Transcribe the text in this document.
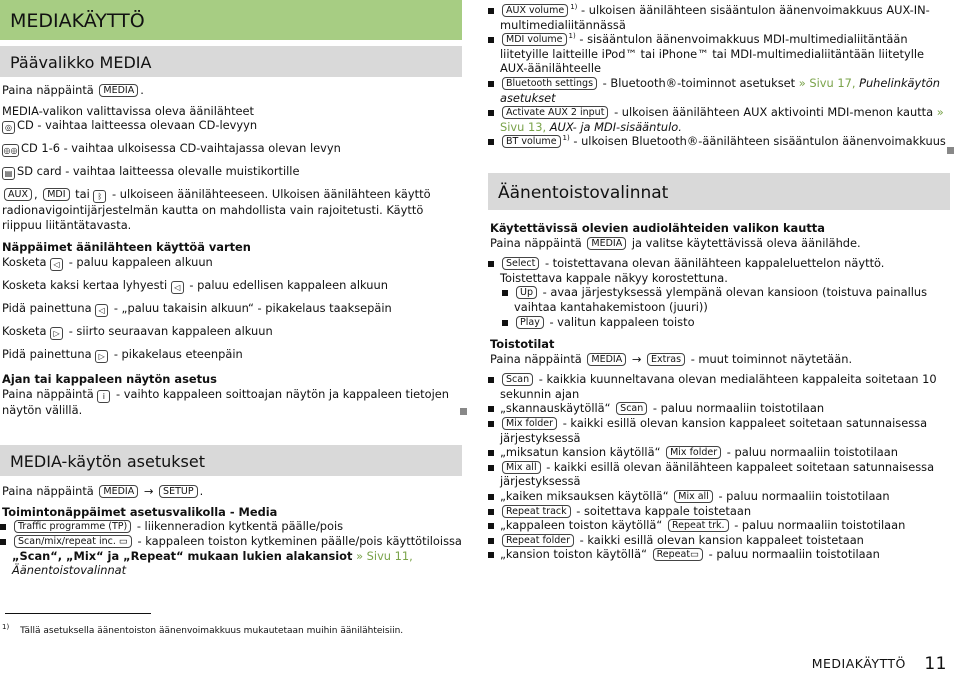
MEDIAKÄYTTÖ
Päävalikko MEDIA

Paina näppäintä MEDIA .

MEDIA-valikon valittavissa oleva äänilähteet

◎ CD - vaihtaa laitteessa olevaan CD-levyyn

◎◎ CD 1-6 - vaihtaa ulkoisessa CD-vaihtajassa olevan levyn

▤ SD card - vaihtaa laitteessa olevalle muistikortille

AUX , MDI tai ᛒ - ulkoiseen äänilähteeseen. Ulkoisen äänilähteen käyttö radionavigointijärjestelmän kautta on mahdollista vain rajoitetusti. Käyttö riippuu liitäntätavasta.

Näppäimet äänilähteen käyttöä varten

Kosketa ◁ - paluu kappaleen alkuun

Kosketa kaksi kertaa lyhyesti ◁ - paluu edellisen kappaleen alkuun

Pidä painettuna ◁ - „paluu takaisin alkuun“ - pikakelaus taaksepäin

Kosketa ▷ - siirto seuraavan kappaleen alkuun

Pidä painettuna ▷ - pikakelaus eteenpäin

Ajan tai kappaleen näytön asetus

Paina näppäintä i - vaihto kappaleen soittoajan näytön ja kappaleen tietojen näytön välillä.

MEDIA-käytön asetukset

Paina näppäintä MEDIA → SETUP .

Toimintonäppäimet asetusvalikolla - Media

Traffic programme (TP) - liikenneradion kytkentä päälle/pois
Scan/mix/repeat inc. ▭ - kappaleen toiston kytkeminen päälle/pois käyttötiloissa „Scan“, „Mix“ ja „Repeat“ mukaan lukien alakansiot » Sivu 11, Äänentoistovalinnat
AUX volume $^{1)}$ - ulkoisen äänilähteen sisääntulon äänenvoimakkuus AUX-IN-multimedialiitännässä
MDI volume $^{1)}$ - sisääntulon äänenvoimakkuus MDI-multimedialiitäntään liitetyille laitteille iPod™ tai iPhone™ tai MDI-multimedialiitäntään liitetylle AUX-äänilähteelle
Bluetooth settings - Bluetooth®-toiminnot asetukset » Sivu 17, Puhelinkäytön asetukset
Activate AUX 2 input - ulkoisen äänilähteen AUX aktivointi MDI-menon kautta » Sivu 13, AUX- ja MDI-sisääntulo.
BT volume $^{1)}$ - ulkoisen Bluetooth®-äänilähteen sisääntulon äänenvoimakkuus
Äänentoistovalinnat

Käytettävissä olevien audiolähteiden valikon kautta

Paina näppäintä MEDIA ja valitse käytettävissä oleva äänilähde.

Select - toistettavana olevan äänilähteen kappaleluettelon näyttö. Toistettava kappale näkyy korostettuna.
Up - avaa järjestyksessä ylempänä olevan kansioon (toistuva painallus vaihtaa kantahakemistoon (juuri))
Play - valitun kappaleen toisto

Toistotilat

Paina näppäintä MEDIA → Extras - muut toiminnot näytetään.

Scan - kaikkia kuunneltavana olevan medialähteen kappaleita soitetaan 10 sekunnin ajan
„skannauskäytöllä“ Scan - paluu normaaliin toistotilaan
Mix folder - kaikki esillä olevan kansion kappaleet soitetaan satunnaisessa järjestyksessä
„miksatun kansion käytöllä“ Mix folder - paluu normaaliin toistotilaan
Mix all - kaikki esillä olevan äänilähteen kappaleet soitetaan satunnaisessa järjestyksessä
„kaiken miksauksen käytöllä“ Mix all - paluu normaaliin toistotilaan
Repeat track - soitettava kappale toistetaan
„kappaleen toiston käytöllä“ Repeat trk. - paluu normaaliin toistotilaan
Repeat folder - kaikki esillä olevan kansion kappaleet toistetaan
„kansion toiston käytöllä“ Repeat▭ - paluu normaaliin toistotilaan
$^{1)}$ Tällä asetuksella äänentoiston äänenvoimakkuus mukautetaan muihin äänilähteisiin.
MEDIAKÄYTTÖ 11
